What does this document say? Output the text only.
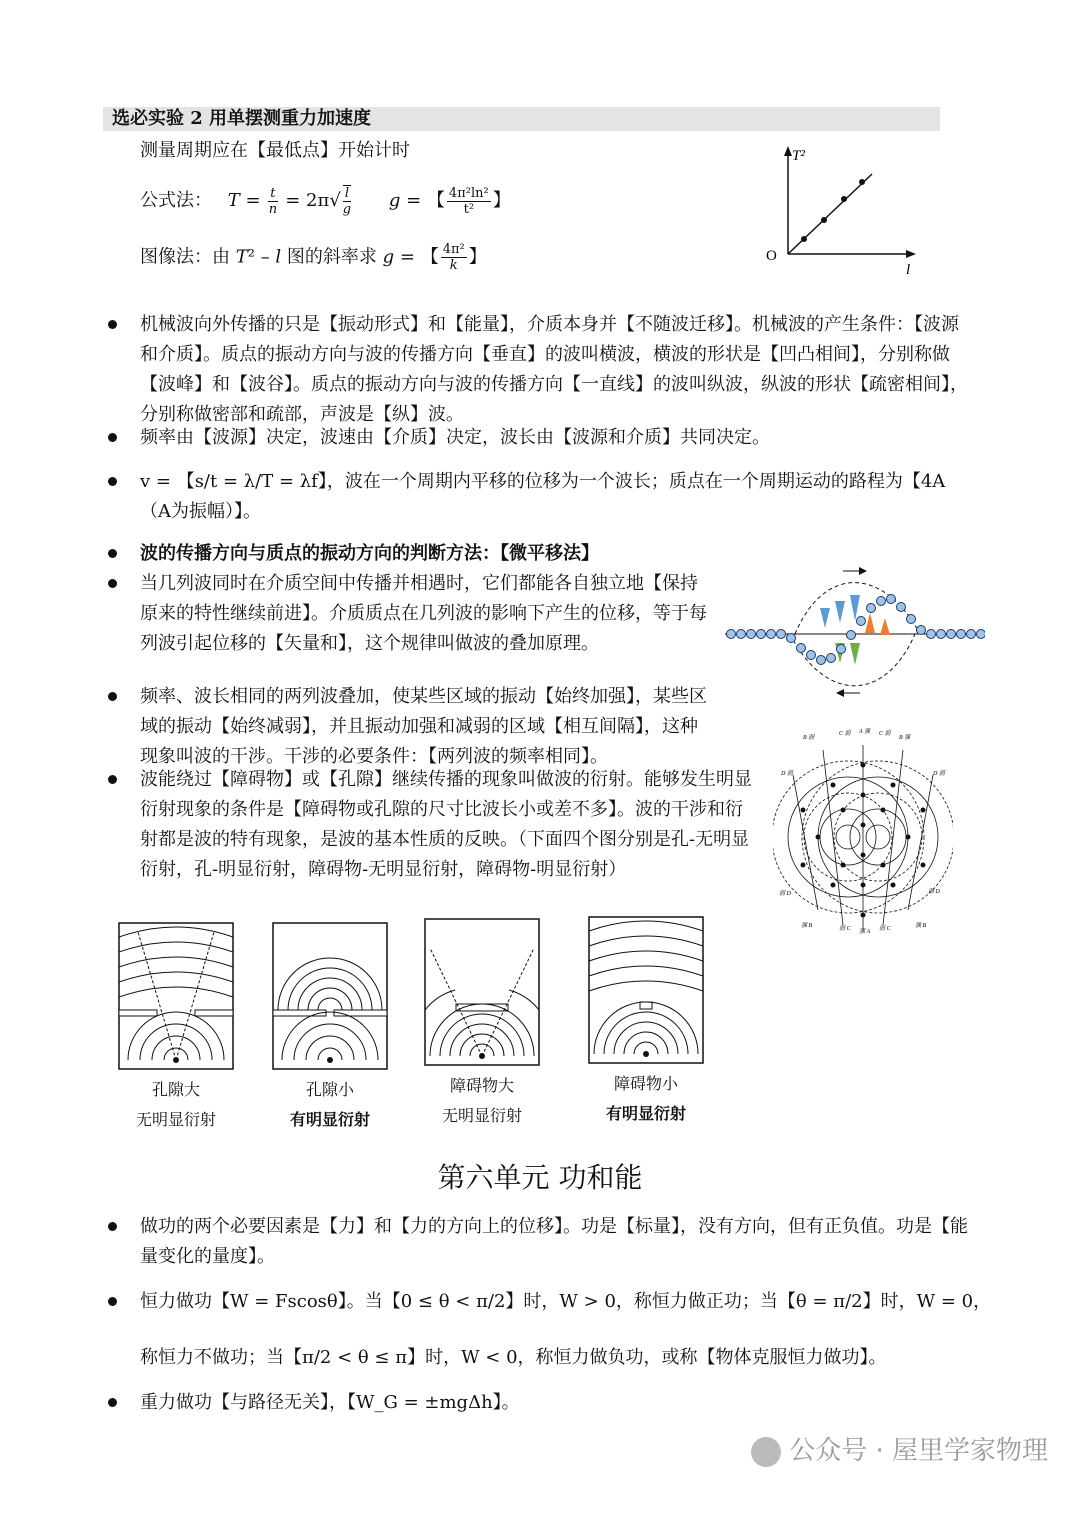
选必实验 2 用单摆测重力加速度
测量周期应在【最低点】开始计时
公式法： $T = \frac{t}{n} = 2\pi√ \frac{l}{g}$ g = 【 $\frac{\text{4π²ln²}}{\text{t²}}$ 】
图像法：由 T² – l 图的斜率求 g = 【 $\frac{\text{4π²}}{k}$ 】
T²
O
l
机械波向外传播的只是【振动形式】和【能量】，介质本身并【不随波迁移】。机械波的产生条件：【波源和介质】。质点的振动方向与波的传播方向【垂直】的波叫横波，横波的形状是【凹凸相间】，分别称做【波峰】和【波谷】。质点的振动方向与波的传播方向【一直线】的波叫纵波，纵波的形状【疏密相间】，分别称做密部和疏部，声波是【纵】波。
频率由【波源】决定，波速由【介质】决定，波长由【波源和介质】共同决定。
v = 【s/t = λ/T = λf】，波在一个周期内平移的位移为一个波长；质点在一个周期运动的路程为【4A（A为振幅）】。
波的传播方向与质点的振动方向的判断方法：【微平移法】
当几列波同时在介质空间中传播并相遇时，它们都能各自独立地【保持原来的特性继续前进】。介质质点在几列波的影响下产生的位移，等于每列波引起位移的【矢量和】，这个规律叫做波的叠加原理。
频率、波长相同的两列波叠加，使某些区域的振动【始终加强】，某些区域的振动【始终减弱】，并且振动加强和减弱的区域【相互间隔】，这种现象叫波的干涉。干涉的必要条件：【两列波的频率相同】。
波能绕过【障碍物】或【孔隙】继续传播的现象叫做波的衍射。能够发生明显衍射现象的条件是【障碍物或孔隙的尺寸比波长小或差不多】。波的干涉和衍射都是波的特有现象，是波的基本性质的反映。（下面四个图分别是孔-无明显衍射，孔-明显衍射，障碍物-无明显衍射，障碍物-明显衍射）
C 弱 A 强 C 弱
B 强
B 弱
D 弱	D 弱
弱 D	弱 D
强 B	弱 C 强 A 弱 C	强 B
孔隙大
无明显衍射
孔隙小
有明显衍射
障碍物大
无明显衍射
障碍物小
有明显衍射
第六单元 功和能
做功的两个必要因素是【力】和【力的方向上的位移】。功是【标量】，没有方向，但有正负值。功是【能量变化的量度】。
恒力做功【W = Fscosθ】。当【0 ≤ θ < π/2】时，W > 0，称恒力做正功；当【θ = π/2】时，W = 0，
称恒力不做功；当【π/2 < θ ≤ π】时，W < 0，称恒力做负功，或称【物体克服恒力做功】。
重力做功【与路径无关】，【W_G = ±mgΔh】。
公众号 · 屋里学家物理
